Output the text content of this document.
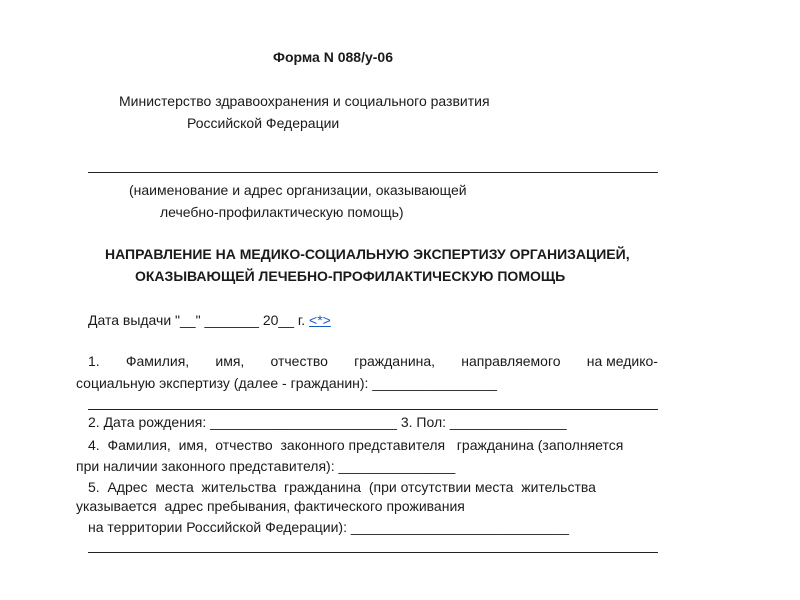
Форма N 088/у-06
Министерство здравоохранения и социального развития
Российской Федерации
(наименование и адрес организации, оказывающей
лечебно-профилактическую помощь)
НАПРАВЛЕНИЕ НА МЕДИКО-СОЦИАЛЬНУЮ ЭКСПЕРТИЗУ ОРГАНИЗАЦИЕЙ,
ОКАЗЫВАЮЩЕЙ ЛЕЧЕБНО-ПРОФИЛАКТИЧЕСКУЮ ПОМОЩЬ
Дата выдачи "__" _______ 20__ г. <*>
1. Фамилия, имя, отчество гражданина, направляемого на медико-
социальную экспертизу (далее - гражданин): ________________
2. Дата рождения: ________________________ 3. Пол: _______________
4.  Фамилия,  имя,  отчество  законного представителя   гражданина (заполняется
при наличии законного представителя): _______________
5.  Адрес  места  жительства  гражданина  (при отсутствии места  жительства
указывается  адрес пребывания, фактического проживания
на территории Российской Федерации): ____________________________
